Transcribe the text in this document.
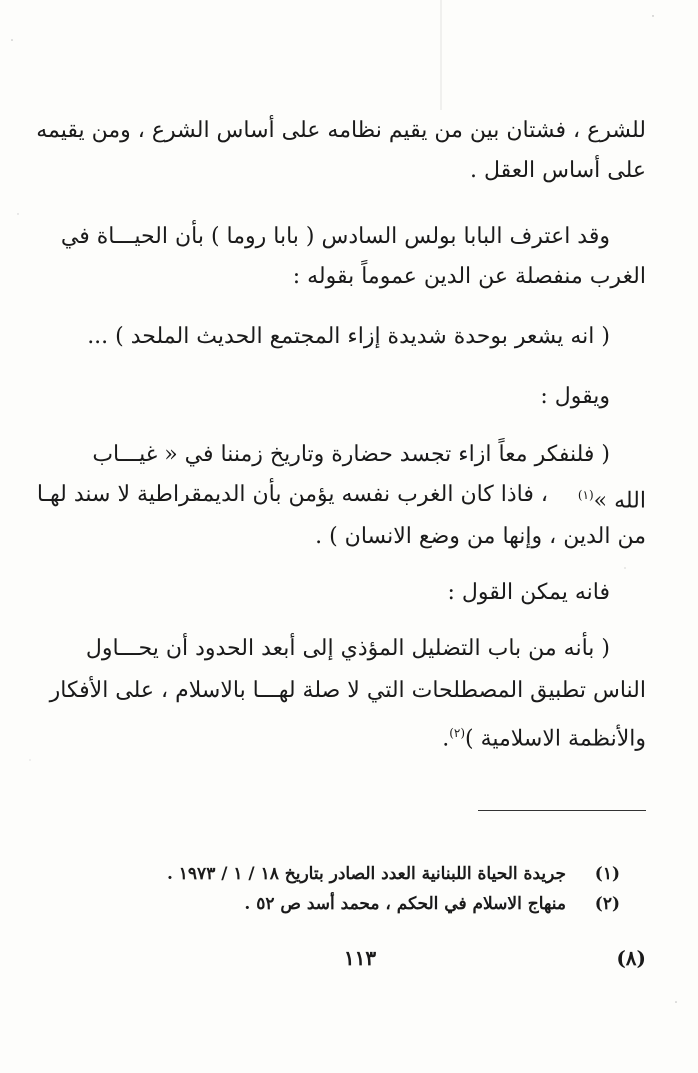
للشرع ، فشتان بين من يقيم نظامه على أساس الشرع ، ومن يقيمه
على أساس العقل .
وقد اعترف البابا بولس السادس ( بابا روما ) بأن الحيـــاة في
الغرب منفصلة عن الدين عموماً بقوله :
( انه يشعر بوحدة شديدة إزاء المجتمع الحديث الملحد ) ...
ويقول :
( فلنفكر معاً ازاء تجسد حضارة وتاريخ زمننا في « غيـــاب
الله »$^{(١)}$
، فاذا كان الغرب نفسه يؤمن بأن الديمقراطية لا سند لهـا
من الدين ، وإنها من وضع الانسان ) .
فانه يمكن القول :
( بأنه من باب التضليل المؤذي إلى أبعد الحدود أن يحـــاول
الناس تطبيق المصطلحات التي لا صلة لهـــا بالاسلام ، على الأفكار
والأنظمة الاسلامية )$^{(٢)}$.
(١)
جريدة الحياة اللبنانية العدد الصادر بتاريخ ١٨ / ١ / ١٩٧٣ .
(٢)
منهاج الاسلام في الحكم ، محمد أسد ص ٥٢ .
١١٣	(٨)
